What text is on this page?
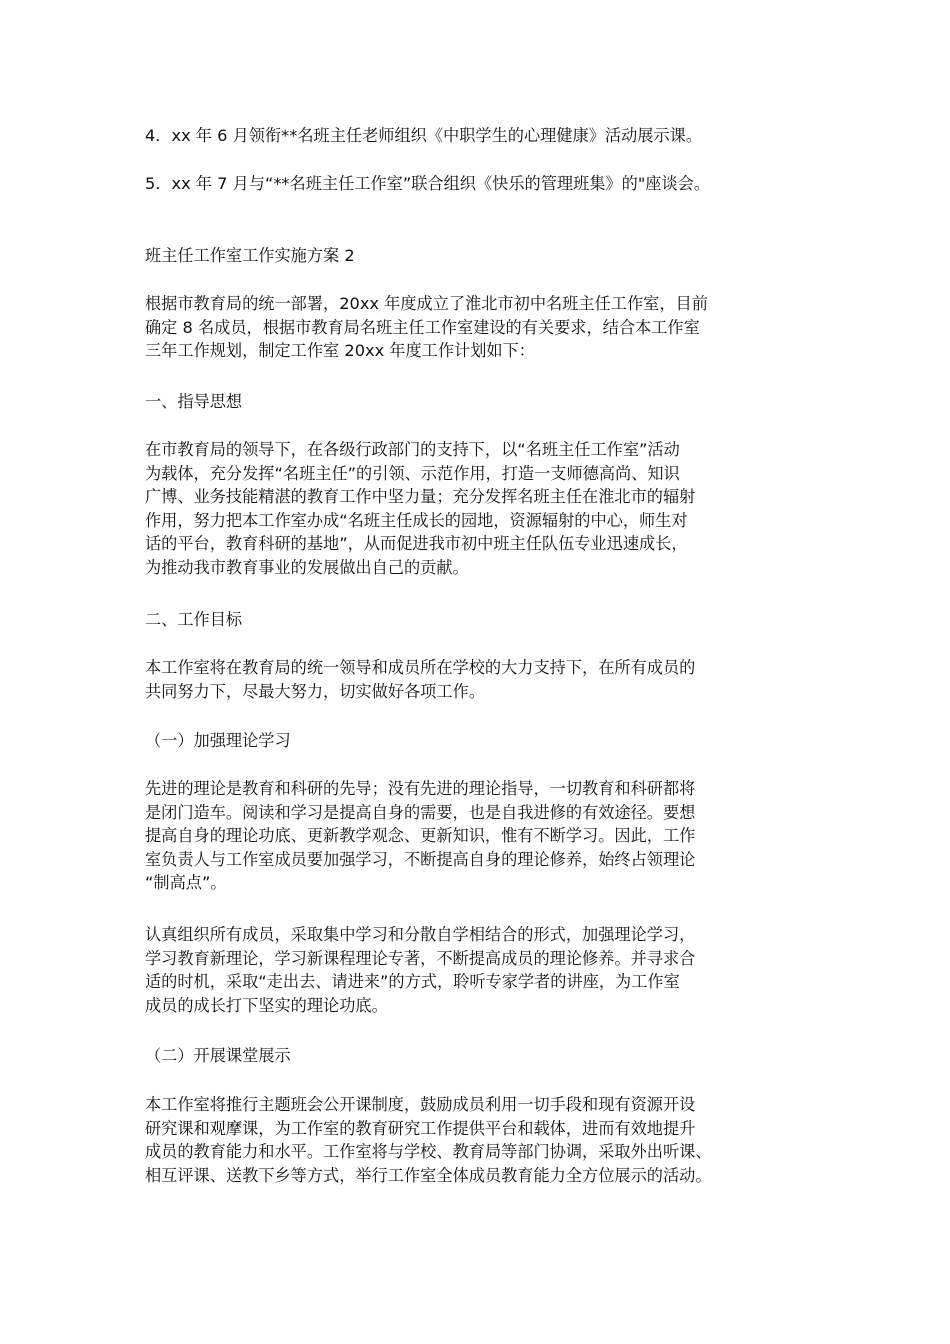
4．xx 年 6 月领衔**名班主任老师组织《中职学生的心理健康》活动展示课。

5．xx 年 7 月与“**名班主任工作室”联合组织《快乐的管理班集》的"座谈会。

班主任工作室工作实施方案 2

根据市教育局的统一部署，20xx 年度成立了淮北市初中名班主任工作室，目前
确定 8 名成员，根据市教育局名班主任工作室建设的有关要求，结合本工作室
三年工作规划，制定工作室 20xx 年度工作计划如下：

一、指导思想

在市教育局的领导下，在各级行政部门的支持下，以“名班主任工作室”活动
为载体，充分发挥“名班主任”的引领、示范作用，打造一支师德高尚、知识
广博、业务技能精湛的教育工作中坚力量；充分发挥名班主任在淮北市的辐射
作用，努力把本工作室办成“名班主任成长的园地，资源辐射的中心，师生对
话的平台，教育科研的基地”，从而促进我市初中班主任队伍专业迅速成长，
为推动我市教育事业的发展做出自己的贡献。

二、工作目标

本工作室将在教育局的统一领导和成员所在学校的大力支持下，在所有成员的
共同努力下，尽最大努力，切实做好各项工作。

（一）加强理论学习

先进的理论是教育和科研的先导；没有先进的理论指导，一切教育和科研都将
是闭门造车。阅读和学习是提高自身的需要，也是自我进修的有效途径。要想
提高自身的理论功底、更新教学观念、更新知识，惟有不断学习。因此，工作
室负责人与工作室成员要加强学习，不断提高自身的理论修养，始终占领理论
“制高点”。
认真组织所有成员，采取集中学习和分散自学相结合的形式，加强理论学习，
学习教育新理论，学习新课程理论专著，不断提高成员的理论修养。并寻求合
适的时机，采取“走出去、请进来”的方式，聆听专家学者的讲座，为工作室
成员的成长打下坚实的理论功底。

（二）开展课堂展示

本工作室将推行主题班会公开课制度，鼓励成员利用一切手段和现有资源开设
研究课和观摩课，为工作室的教育研究工作提供平台和载体，进而有效地提升
成员的教育能力和水平。工作室将与学校、教育局等部门协调，采取外出听课、
相互评课、送教下乡等方式，举行工作室全体成员教育能力全方位展示的活动。
